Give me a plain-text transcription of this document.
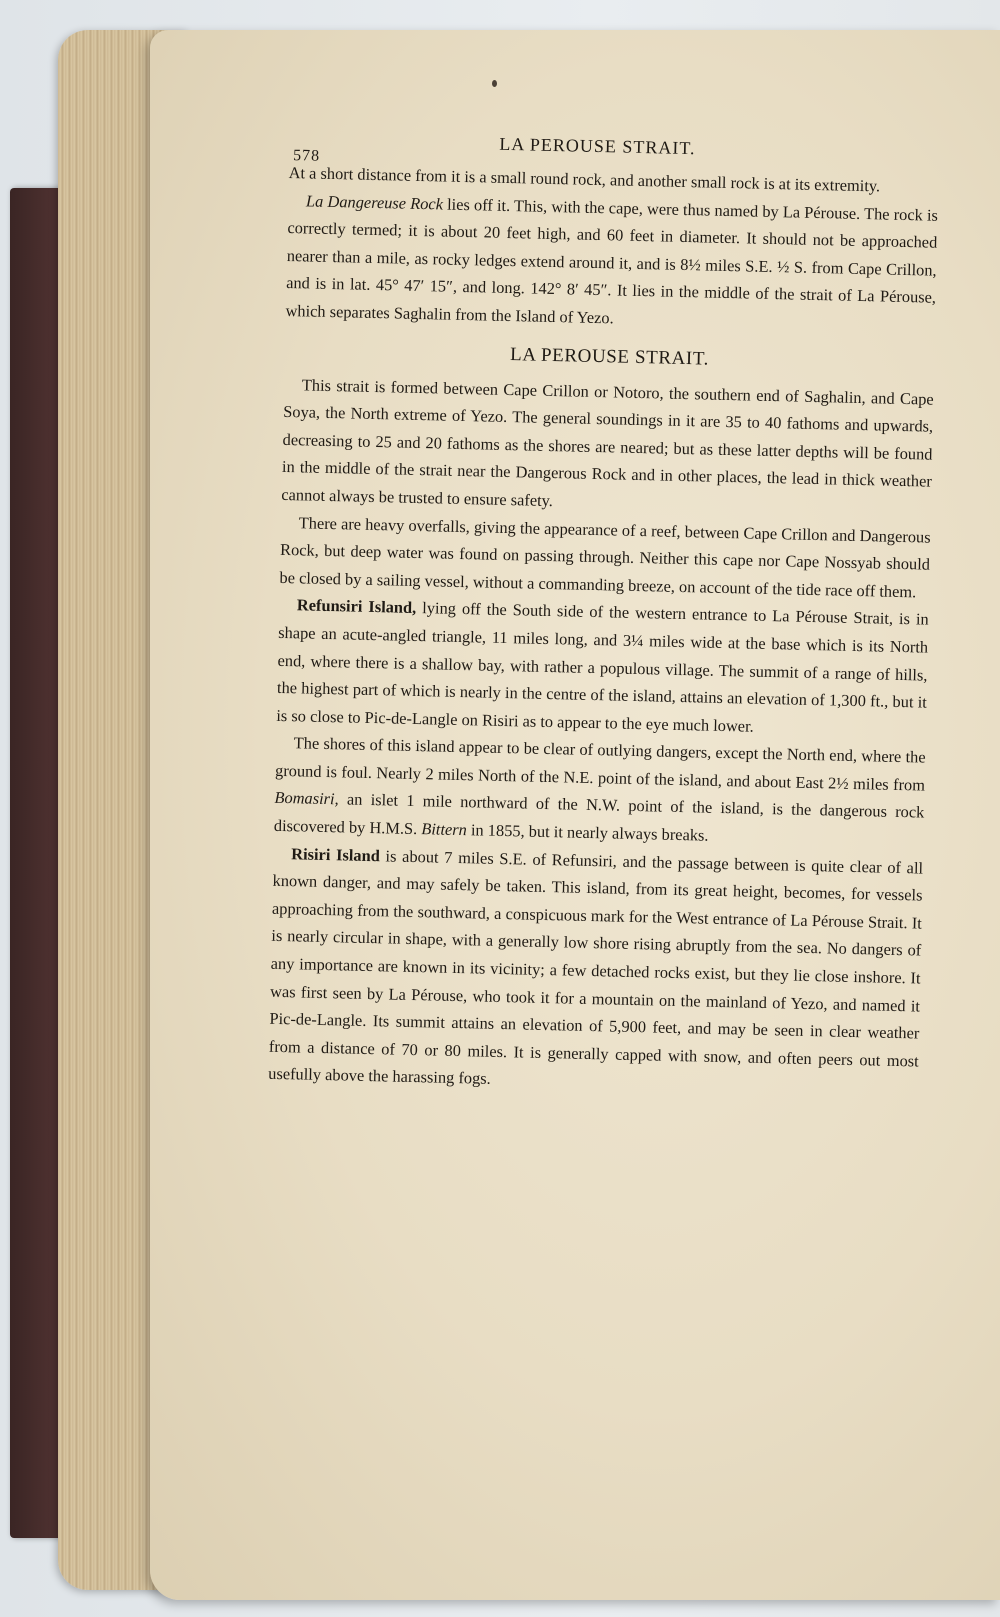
578	LA PEROUSE STRAIT.

At a short distance from it is a small round rock, and another small rock is at its extremity.

La Dangereuse Rock lies off it. This, with the cape, were thus named by La Pérouse. The rock is correctly termed; it is about 20 feet high, and 60 feet in diameter. It should not be approached nearer than a mile, as rocky ledges extend around it, and is 8½ miles S.E. ½ S. from Cape Crillon, and is in lat. 45° 47′ 15″, and long. 142° 8′ 45″. It lies in the middle of the strait of La Pérouse, which separates Saghalin from the Island of Yezo.

LA PEROUSE STRAIT.

This strait is formed between Cape Crillon or Notoro, the southern end of Saghalin, and Cape Soya, the North extreme of Yezo. The general soundings in it are 35 to 40 fathoms and upwards, decreasing to 25 and 20 fathoms as the shores are neared; but as these latter depths will be found in the middle of the strait near the Dangerous Rock and in other places, the lead in thick weather cannot always be trusted to ensure safety.

There are heavy overfalls, giving the appearance of a reef, between Cape Crillon and Dangerous Rock, but deep water was found on passing through. Neither this cape nor Cape Nossyab should be closed by a sailing vessel, without a commanding breeze, on account of the tide race off them.

Refunsiri Island, lying off the South side of the western entrance to La Pérouse Strait, is in shape an acute-angled triangle, 11 miles long, and 3¼ miles wide at the base which is its North end, where there is a shallow bay, with rather a populous village. The summit of a range of hills, the highest part of which is nearly in the centre of the island, attains an elevation of 1,300 ft., but it is so close to Pic-de-Langle on Risiri as to appear to the eye much lower.

The shores of this island appear to be clear of outlying dangers, except the North end, where the ground is foul. Nearly 2 miles North of the N.E. point of the island, and about East 2½ miles from Bomasiri, an islet 1 mile northward of the N.W. point of the island, is the dangerous rock discovered by H.M.S. Bittern in 1855, but it nearly always breaks.

Risiri Island is about 7 miles S.E. of Refunsiri, and the passage between is quite clear of all known danger, and may safely be taken. This island, from its great height, becomes, for vessels approaching from the southward, a conspicuous mark for the West entrance of La Pérouse Strait. It is nearly circular in shape, with a generally low shore rising abruptly from the sea. No dangers of any importance are known in its vicinity; a few detached rocks exist, but they lie close inshore. It was first seen by La Pérouse, who took it for a mountain on the mainland of Yezo, and named it Pic-de-Langle. Its summit attains an elevation of 5,900 feet, and may be seen in clear weather from a distance of 70 or 80 miles. It is generally capped with snow, and often peers out most usefully above the harassing fogs.
